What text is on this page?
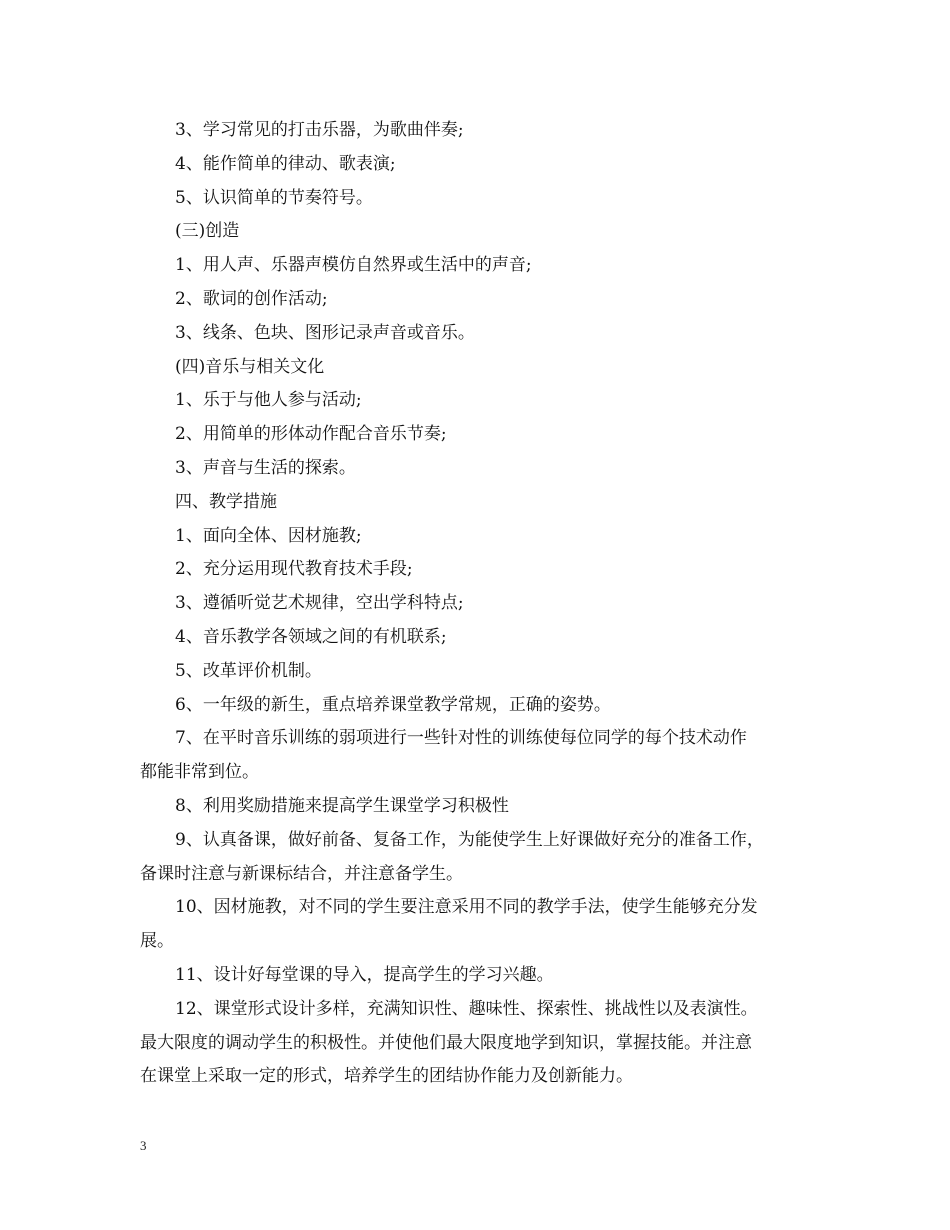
3、学习常见的打击乐器，为歌曲伴奏;
4、能作简单的律动、歌表演;
5、认识简单的节奏符号。
(三)创造
1、用人声、乐器声模仿自然界或生活中的声音;
2、歌词的创作活动;
3、线条、色块、图形记录声音或音乐。
(四)音乐与相关文化
1、乐于与他人参与活动;
2、用简单的形体动作配合音乐节奏;
3、声音与生活的探索。
四、教学措施
1、面向全体、因材施教;
2、充分运用现代教育技术手段;
3、遵循听觉艺术规律，空出学科特点;
4、音乐教学各领域之间的有机联系;
5、改革评价机制。
6、一年级的新生，重点培养课堂教学常规，正确的姿势。
7、在平时音乐训练的弱项进行一些针对性的训练使每位同学的每个技术动作
都能非常到位。
8、利用奖励措施来提高学生课堂学习积极性
9、认真备课，做好前备、复备工作，为能使学生上好课做好充分的准备工作，
备课时注意与新课标结合，并注意备学生。
10、因材施教，对不同的学生要注意采用不同的教学手法，使学生能够充分发
展。
11、设计好每堂课的导入，提高学生的学习兴趣。
12、课堂形式设计多样，充满知识性、趣味性、探索性、挑战性以及表演性。
最大限度的调动学生的积极性。并使他们最大限度地学到知识，掌握技能。并注意
在课堂上采取一定的形式，培养学生的团结协作能力及创新能力。
3
